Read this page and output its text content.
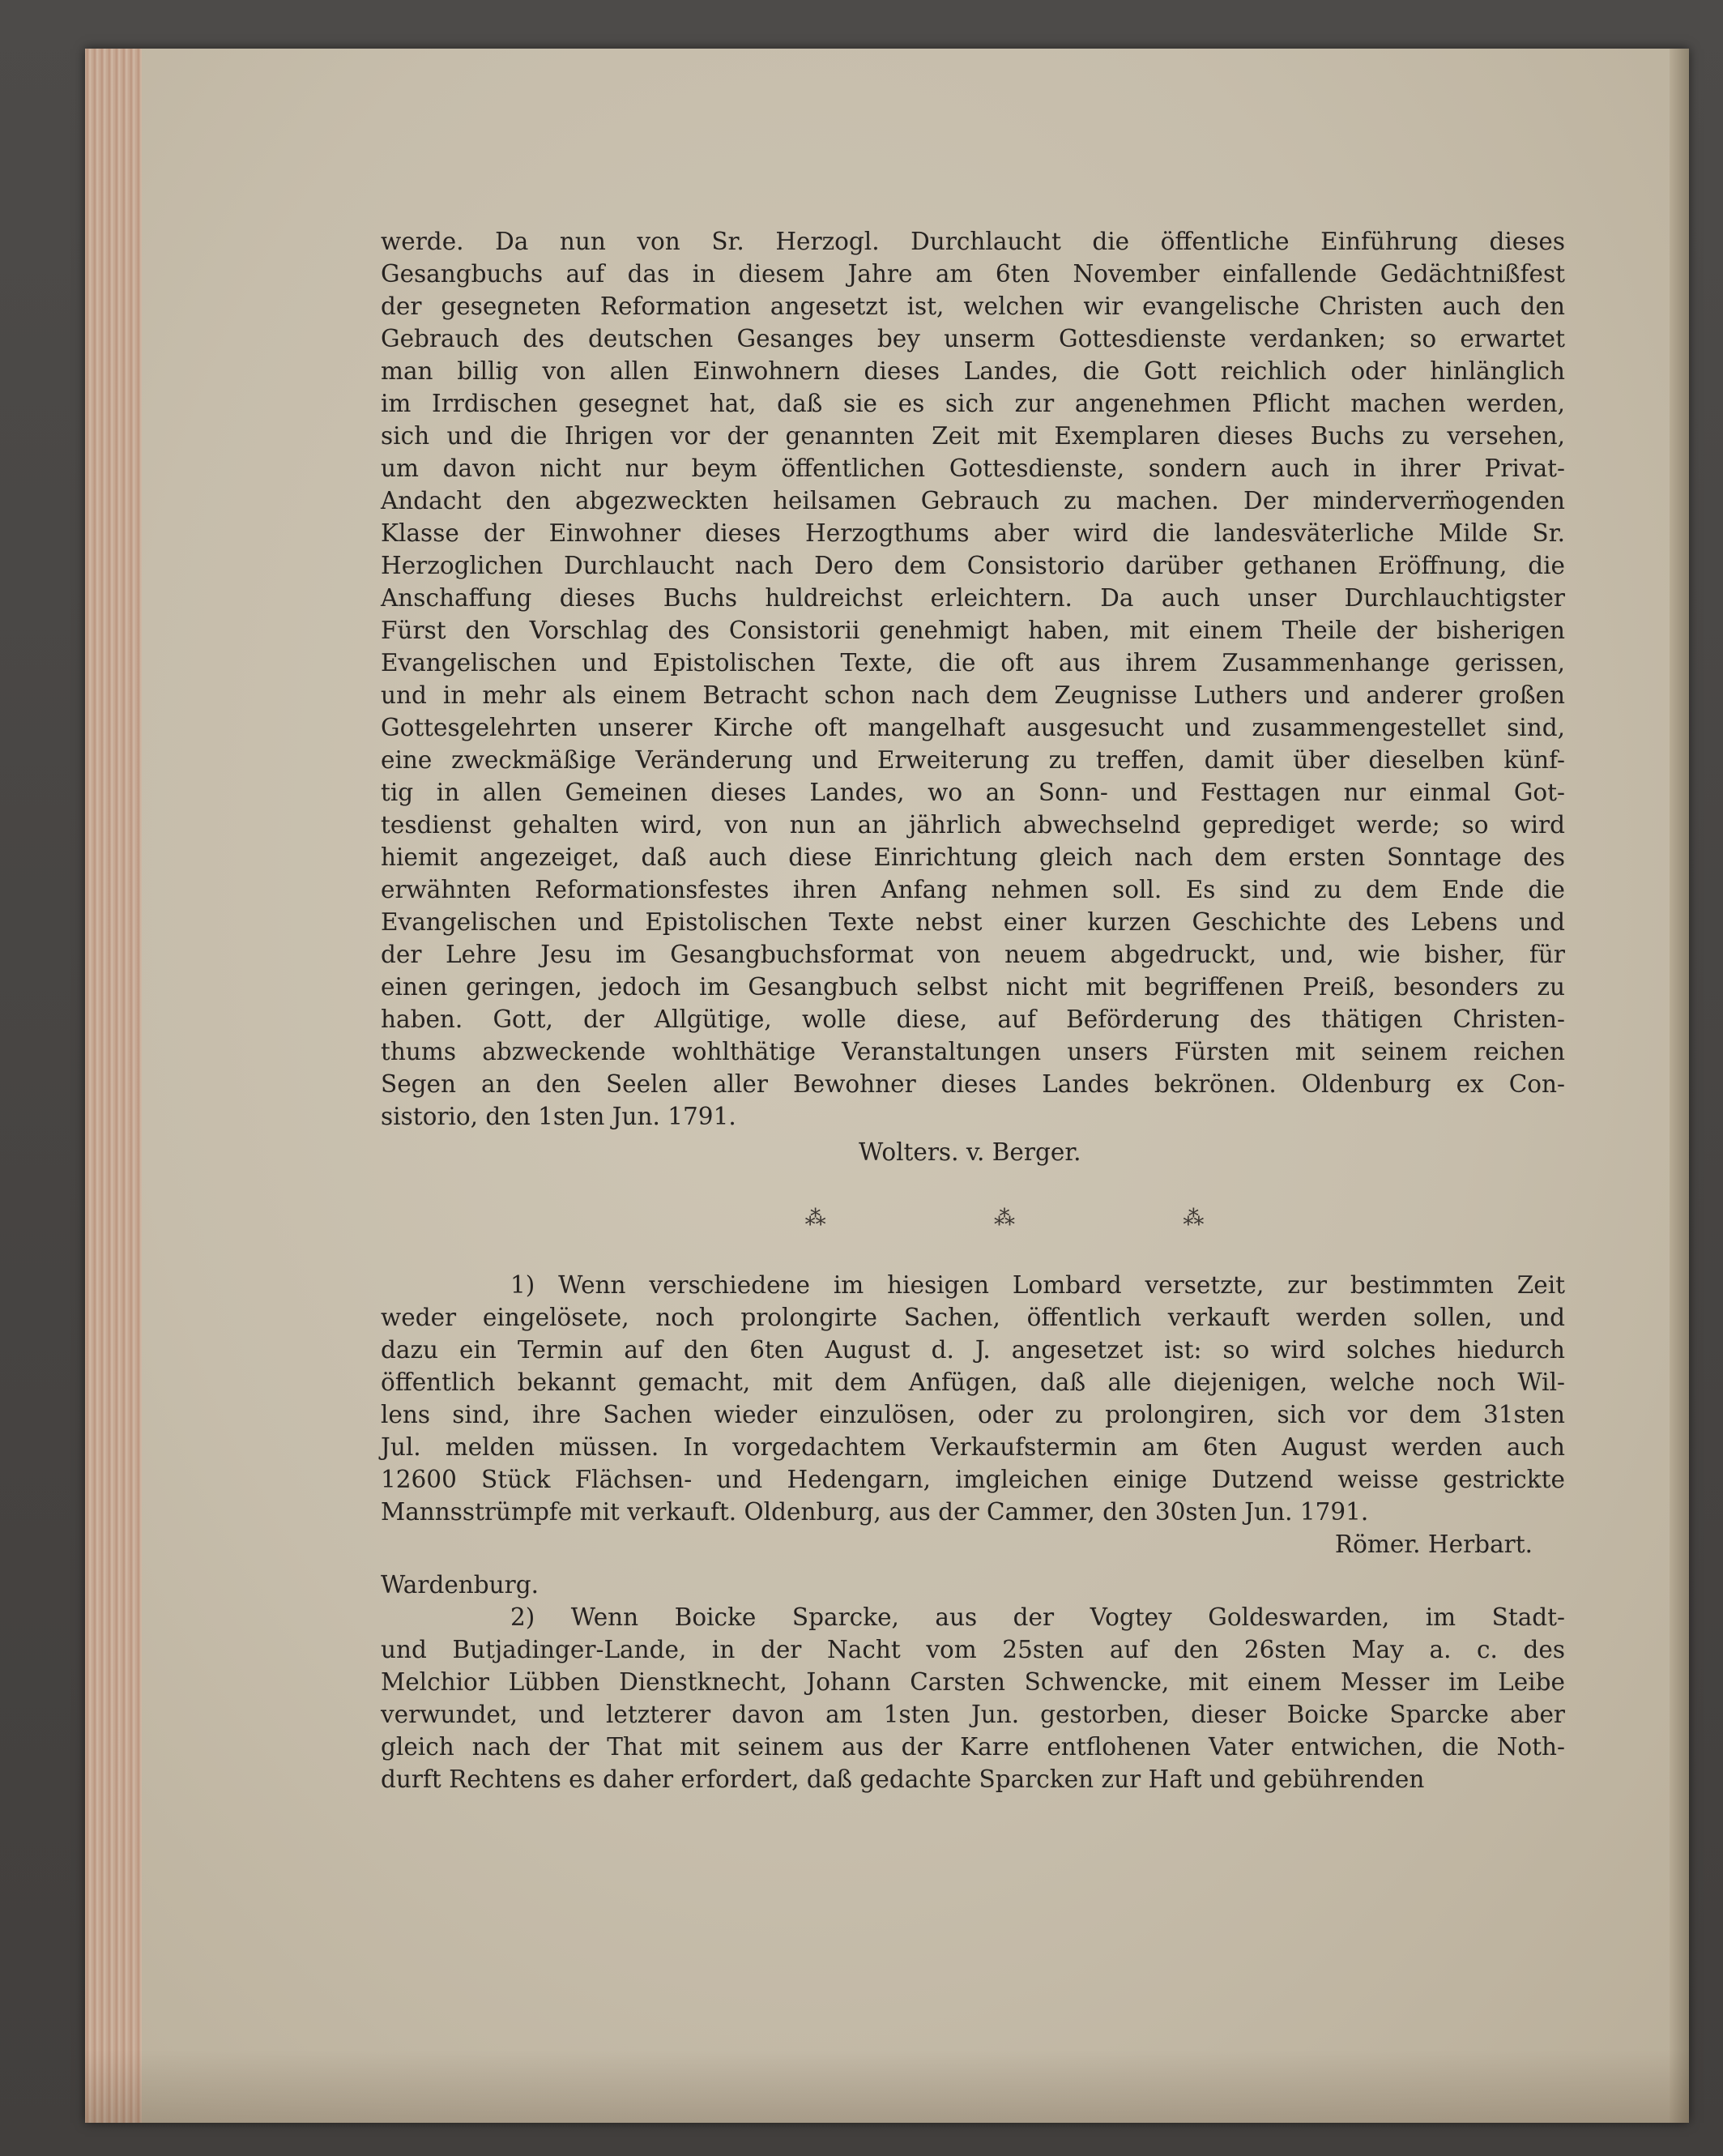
werde. Da nun von Sr. Herzogl. Durchlaucht die öffentliche Einführung dieses
Gesangbuchs auf das in diesem Jahre am 6ten November einfallende Gedächtnißfest
der gesegneten Reformation angesetzt ist, welchen wir evangelische Christen auch den
Gebrauch des deutschen Gesanges bey unserm Gottesdienste verdanken; so erwartet
man billig von allen Einwohnern dieses Landes, die Gott reichlich oder hinlänglich
im Irrdischen gesegnet hat, daß sie es sich zur angenehmen Pflicht machen werden,
sich und die Ihrigen vor der genannten Zeit mit Exemplaren dieses Buchs zu versehen,
um davon nicht nur beym öffentlichen Gottesdienste, sondern auch in ihrer Privat-
Andacht den abgezweckten heilsamen Gebrauch zu machen. Der minderverm̈ogenden
Klasse der Einwohner dieses Herzogthums aber wird die landesväterliche Milde Sr.
Herzoglichen Durchlaucht nach Dero dem Consistorio darüber gethanen Eröffnung, die
Anschaffung dieses Buchs huldreichst erleichtern. Da auch unser Durchlauchtigster
Fürst den Vorschlag des Consistorii genehmigt haben, mit einem Theile der bisherigen
Evangelischen und Epistolischen Texte, die oft aus ihrem Zusammenhange gerissen,
und in mehr als einem Betracht schon nach dem Zeugnisse Luthers und anderer großen
Gottesgelehrten unserer Kirche oft mangelhaft ausgesucht und zusammengestellet sind,
eine zweckmäßige Veränderung und Erweiterung zu treffen, damit über dieselben künf-
tig in allen Gemeinen dieses Landes, wo an Sonn- und Festtagen nur einmal Got-
tesdienst gehalten wird, von nun an jährlich abwechselnd geprediget werde; so wird
hiemit angezeiget, daß auch diese Einrichtung gleich nach dem ersten Sonntage des
erwähnten Reformationsfestes ihren Anfang nehmen soll. Es sind zu dem Ende die
Evangelischen und Epistolischen Texte nebst einer kurzen Geschichte des Lebens und
der Lehre Jesu im Gesangbuchsformat von neuem abgedruckt, und, wie bisher, für
einen geringen, jedoch im Gesangbuch selbst nicht mit begriffenen Preiß, besonders zu
haben. Gott, der Allgütige, wolle diese, auf Beförderung des thätigen Christen-
thums abzweckende wohlthätige Veranstaltungen unsers Fürsten mit seinem reichen
Segen an den Seelen aller Bewohner dieses Landes bekrönen. Oldenburg ex Con-
sistorio, den 1sten Jun. 1791.
Wolters. v. Berger.
⁂	⁂	⁂
1) Wenn verschiedene im hiesigen Lombard versetzte, zur bestimmten Zeit
weder eingelösete, noch prolongirte Sachen, öffentlich verkauft werden sollen, und
dazu ein Termin auf den 6ten August d. J. angesetzet ist: so wird solches hiedurch
öffentlich bekannt gemacht, mit dem Anfügen, daß alle diejenigen, welche noch Wil-
lens sind, ihre Sachen wieder einzulösen, oder zu prolongiren, sich vor dem 31sten
Jul. melden müssen. In vorgedachtem Verkaufstermin am 6ten August werden auch
12600 Stück Flächsen- und Hedengarn, imgleichen einige Dutzend weisse gestrickte
Mannsstrümpfe mit verkauft. Oldenburg, aus der Cammer, den 30sten Jun. 1791.
Römer. Herbart.
Wardenburg.
2) Wenn Boicke Sparcke, aus der Vogtey Goldeswarden, im Stadt-
und Butjadinger-Lande, in der Nacht vom 25sten auf den 26sten May a. c. des
Melchior Lübben Dienstknecht, Johann Carsten Schwencke, mit einem Messer im Leibe
verwundet, und letzterer davon am 1sten Jun. gestorben, dieser Boicke Sparcke aber
gleich nach der That mit seinem aus der Karre entflohenen Vater entwichen, die Noth-
durft Rechtens es daher erfordert, daß gedachte Sparcken zur Haft und gebührenden
